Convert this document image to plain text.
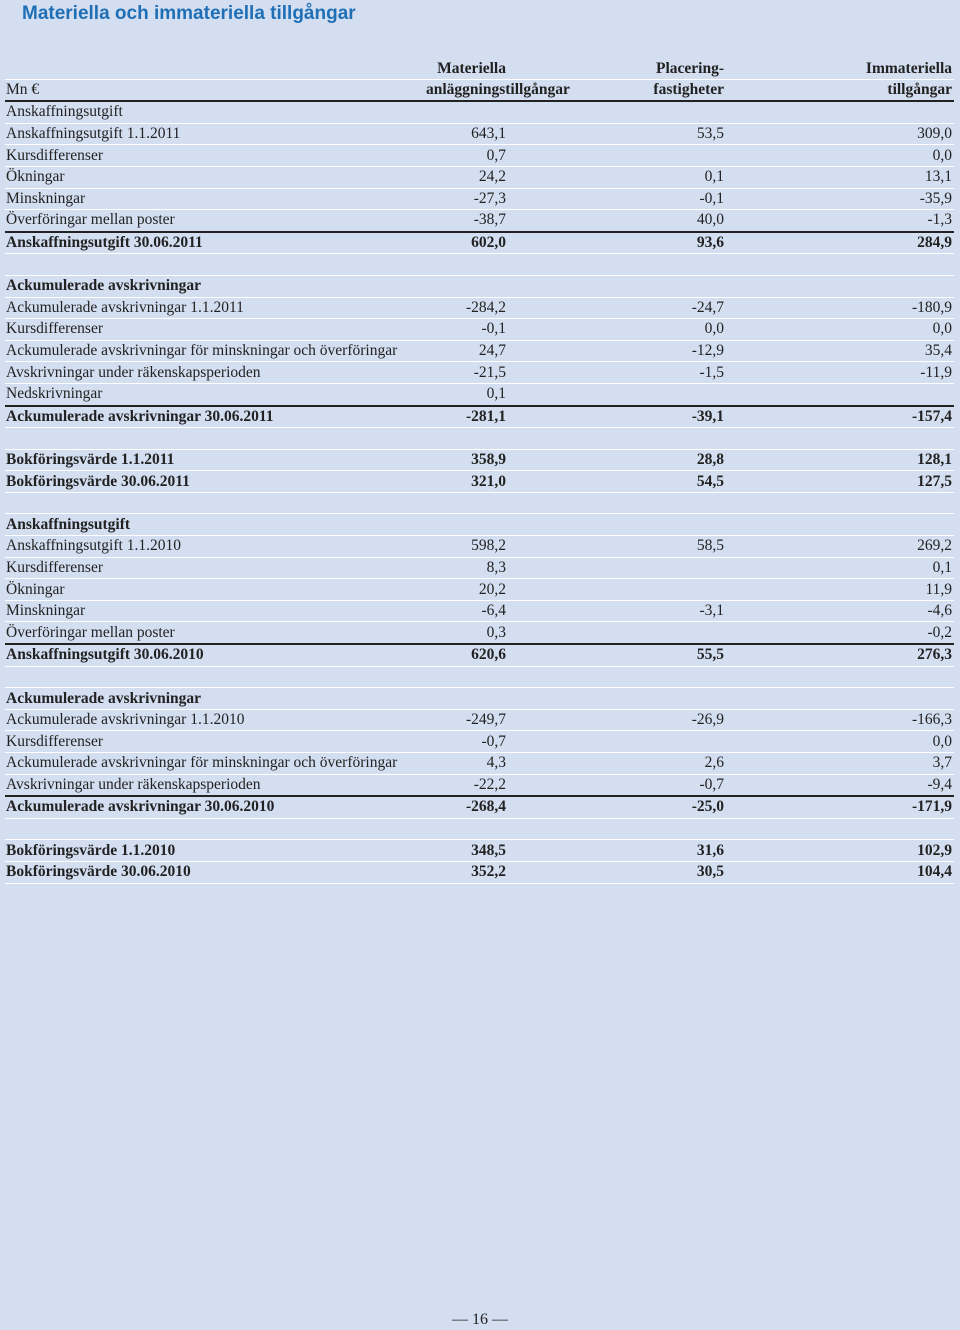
Materiella och immateriella tillgångar
	Materiella	Placering-	Immateriella
Mn €	anläggningstillgångar	fastigheter	tillgångar
Anskaffningsutgift			
Anskaffningsutgift 1.1.2011	643,1	53,5	309,0
Kursdifferenser	0,7		0,0
Ökningar	24,2	0,1	13,1
Minskningar	-27,3	-0,1	-35,9
Överföringar mellan poster	-38,7	40,0	-1,3
Anskaffningsutgift 30.06.2011	602,0	93,6	284,9

Ackumulerade avskrivningar			
Ackumulerade avskrivningar 1.1.2011	-284,2	-24,7	-180,9
Kursdifferenser	-0,1	0,0	0,0
Ackumulerade avskrivningar för minskningar och överföringar	24,7	-12,9	35,4
Avskrivningar under räkenskapsperioden	-21,5	-1,5	-11,9
Nedskrivningar	0,1		
Ackumulerade avskrivningar 30.06.2011	-281,1	-39,1	-157,4

Bokföringsvärde 1.1.2011	358,9	28,8	128,1
Bokföringsvärde 30.06.2011	321,0	54,5	127,5

Anskaffningsutgift			
Anskaffningsutgift 1.1.2010	598,2	58,5	269,2
Kursdifferenser	8,3		0,1
Ökningar	20,2		11,9
Minskningar	-6,4	-3,1	-4,6
Överföringar mellan poster	0,3		-0,2
Anskaffningsutgift 30.06.2010	620,6	55,5	276,3

Ackumulerade avskrivningar			
Ackumulerade avskrivningar 1.1.2010	-249,7	-26,9	-166,3
Kursdifferenser	-0,7		0,0
Ackumulerade avskrivningar för minskningar och överföringar	4,3	2,6	3,7
Avskrivningar under räkenskapsperioden	-22,2	-0,7	-9,4
Ackumulerade avskrivningar 30.06.2010	-268,4	-25,0	-171,9

Bokföringsvärde 1.1.2010	348,5	31,6	102,9
Bokföringsvärde 30.06.2010	352,2	30,5	104,4
— 16 —
